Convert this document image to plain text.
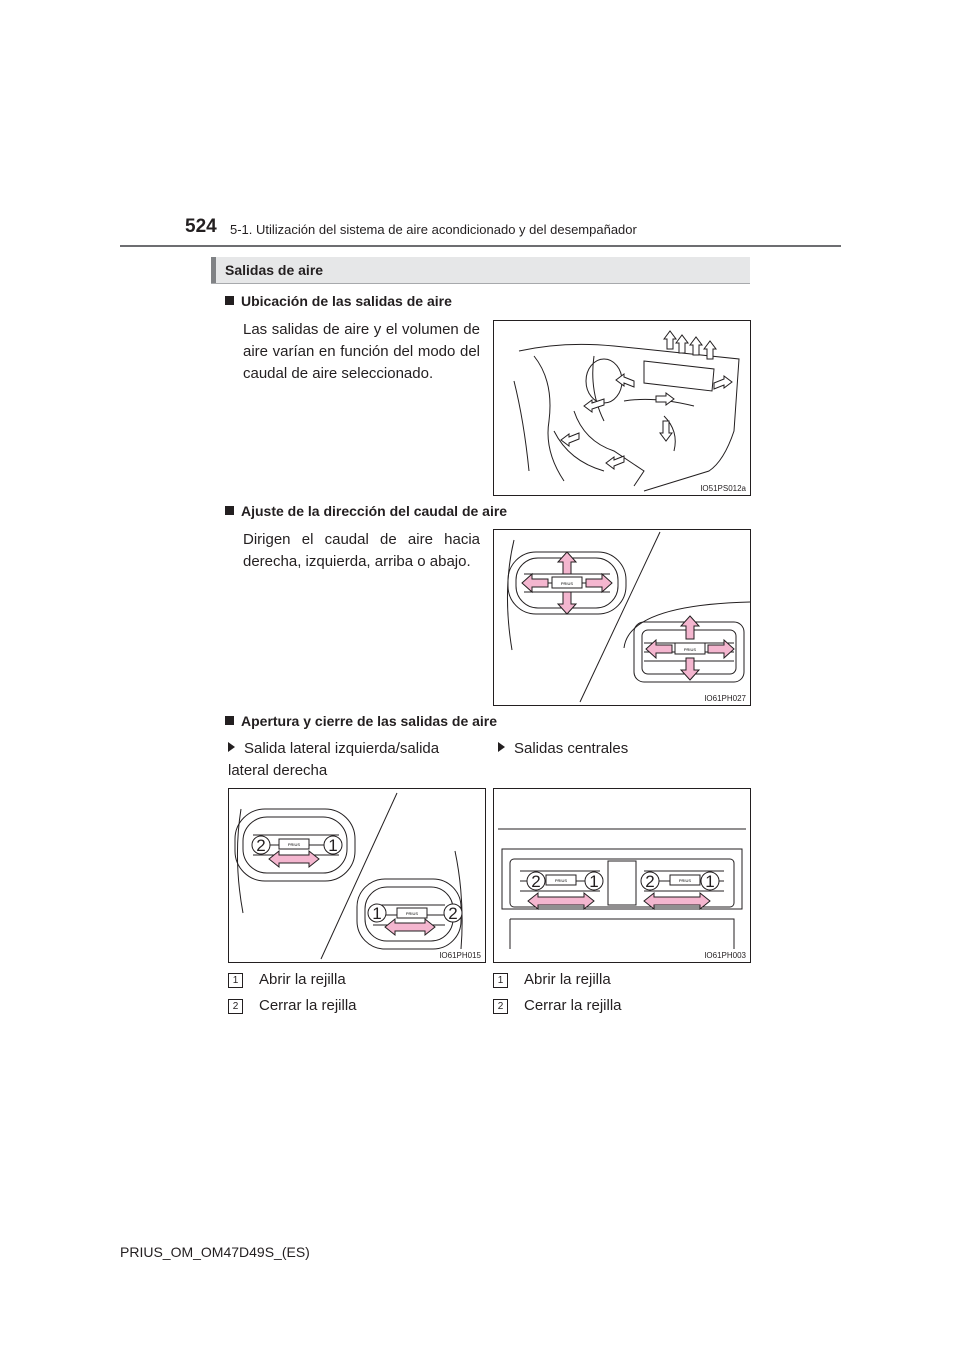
524 5-1. Utilización del sistema de aire acondicionado y del desempañador
Salidas de aire
Ubicación de las salidas de aire
Las salidas de aire y el volumen de aire varían en función del modo del caudal de aire seleccionado.
IO51PS012a
Ajuste de la dirección del caudal de aire
Dirigen el caudal de aire hacia derecha, izquierda, arriba o abajo.
PRIUS
PRIUS
IO61PH027
Apertura y cierre de las salidas de aire
Salida lateral izquierda/salida lateral derecha
Salidas centrales
PRIUS
PRIUS
2	1
1	2
IO61PH015
PRIUS	PRIUS
2	1	2	1
IO61PH003
1 Abrir la rejilla
2 Cerrar la rejilla
1 Abrir la rejilla
2 Cerrar la rejilla
PRIUS_OM_OM47D49S_(ES)
